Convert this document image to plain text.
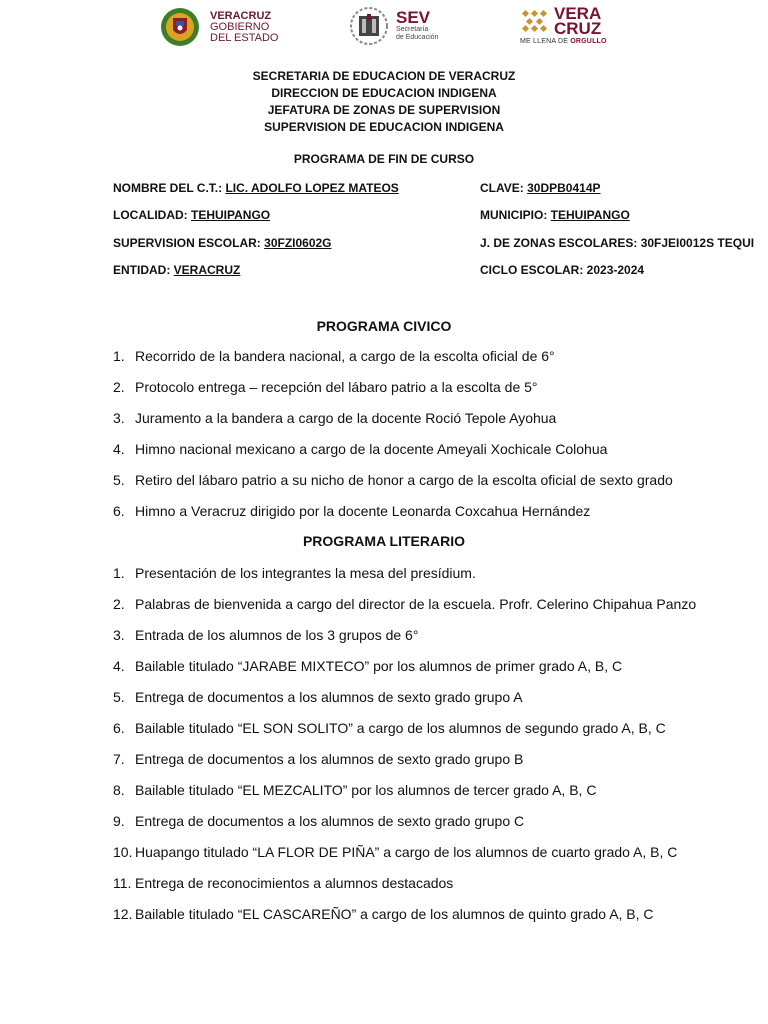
VERACRUZ
GOBIERNO
DEL ESTADO
SEV
Secretaría
de Educación
VERA
CRUZ
ME LLENA DE ORGULLO
SECRETARIA DE EDUCACION DE VERACRUZ
DIRECCION DE EDUCACION INDIGENA
JEFATURA DE ZONAS DE SUPERVISION
SUPERVISION DE EDUCACION INDIGENA
PROGRAMA DE FIN DE CURSO
NOMBRE DEL C.T.: LIC. ADOLFO LOPEZ MATEOS	CLAVE: 30DPB0414P
LOCALIDAD: TEHUIPANGO	MUNICIPIO: TEHUIPANGO
SUPERVISION ESCOLAR: 30FZI0602G	J. DE ZONAS ESCOLARES: 30FJEI0012S TEQUI
ENTIDAD: VERACRUZ	CICLO ESCOLAR: 2023-2024
PROGRAMA CIVICO
1. Recorrido de la bandera nacional, a cargo de la escolta oficial de 6°
2. Protocolo entrega – recepción del lábaro patrio a la escolta de 5°
3. Juramento a la bandera a cargo de la docente Roció Tepole Ayohua
4. Himno nacional mexicano a cargo de la docente Ameyali Xochicale Colohua
5. Retiro del lábaro patrio a su nicho de honor a cargo de la escolta oficial de sexto grado
6. Himno a Veracruz dirigido por la docente Leonarda Coxcahua Hernández
PROGRAMA LITERARIO
1. Presentación de los integrantes la mesa del presídium.
2. Palabras de bienvenida a cargo del director de la escuela. Profr. Celerino Chipahua Panzo
3. Entrada de los alumnos de los 3 grupos de 6°
4. Bailable titulado “JARABE MIXTECO” por los alumnos de primer grado A, B, C
5. Entrega de documentos a los alumnos de sexto grado grupo A
6. Bailable titulado “EL SON SOLITO” a cargo de los alumnos de segundo grado A, B, C
7. Entrega de documentos a los alumnos de sexto grado grupo B
8. Bailable titulado “EL MEZCALITO” por los alumnos de tercer grado A, B, C
9. Entrega de documentos a los alumnos de sexto grado grupo C
10. Huapango titulado “LA FLOR DE PIÑA” a cargo de los alumnos de cuarto grado A, B, C
11. Entrega de reconocimientos a alumnos destacados
12. Bailable titulado “EL CASCAREÑO” a cargo de los alumnos de quinto grado A, B, C
